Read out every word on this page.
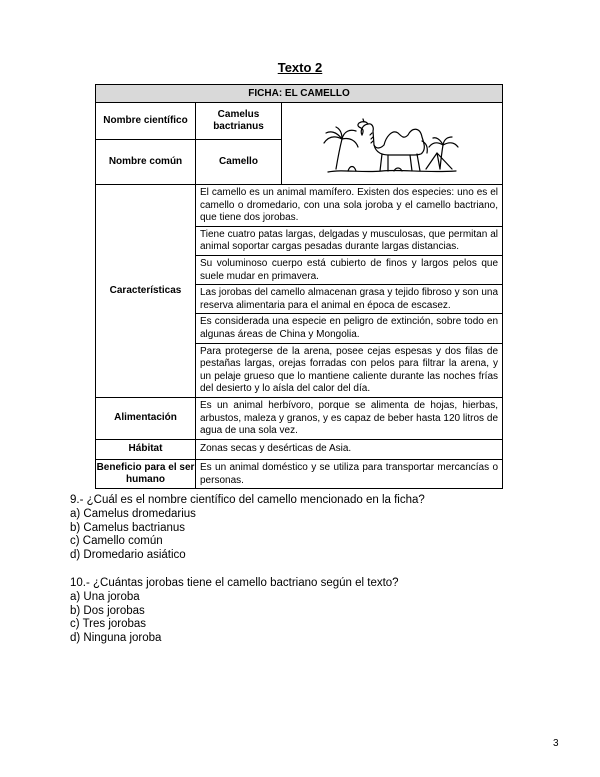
Texto 2
FICHA: EL CAMELLO		
Nombre científico	Camelus bactrianus	

Nombre común	Camello	
Características	El camello es un animal mamífero. Existen dos especies: uno es el camello o dromedario, con una sola joroba y el camello bactriano, que tiene dos jorobas.	
	Tiene cuatro patas largas, delgadas y musculosas, que permitan al animal soportar cargas pesadas durante largas distancias.	
	Su voluminoso cuerpo está cubierto de finos y largos pelos que suele mudar en primavera.	
	Las jorobas del camello almacenan grasa y tejido fibroso y son una reserva alimentaria para el animal en época de escasez.	
	Es considerada una especie en peligro de extinción, sobre todo en algunas áreas de China y Mongolia.	
	Para protegerse de la arena, posee cejas espesas y dos filas de pestañas largas, orejas forradas con pelos para filtrar la arena, y un pelaje grueso que lo mantiene caliente durante las noches frías del desierto y lo aísla del calor del día.	
Alimentación	Es un animal herbívoro, porque se alimenta de hojas, hierbas, arbustos, maleza y granos, y es capaz de beber hasta 120 litros de agua de una sola vez.	
Hábitat	Zonas secas y desérticas de Asia.	
Beneficio para el ser humano	Es un animal doméstico y se utiliza para transportar mercancías o personas.	
9.- ¿Cuál es el nombre científico del camello mencionado en la ficha?
a) Camelus dromedarius
b) Camelus bactrianus
c) Camello común
d) Dromedario asiático
10.- ¿Cuántas jorobas tiene el camello bactriano según el texto?
a) Una joroba
b) Dos jorobas
c) Tres jorobas
d) Ninguna joroba
3
